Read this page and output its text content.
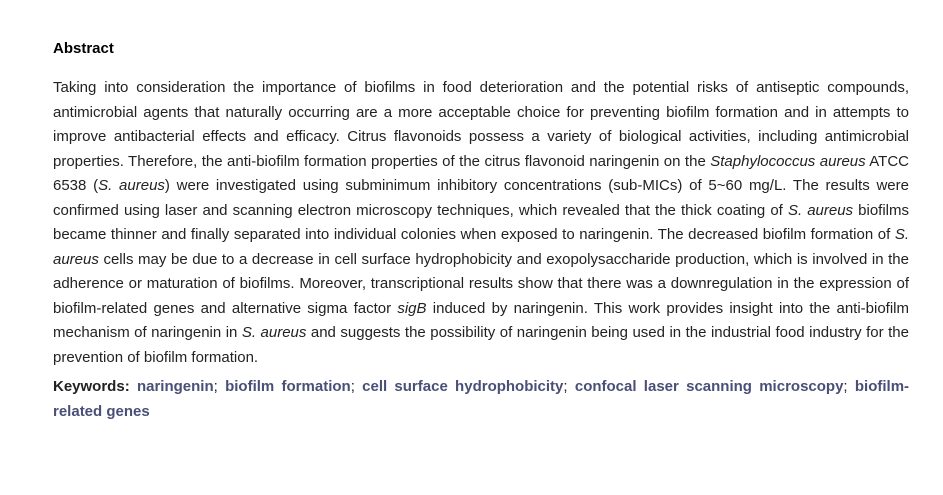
Abstract

Taking into consideration the importance of biofilms in food deterioration and the potential risks of antiseptic compounds, antimicrobial agents that naturally occurring are a more acceptable choice for preventing biofilm formation and in attempts to improve antibacterial effects and efficacy. Citrus flavonoids possess a variety of biological activities, including antimicrobial properties. Therefore, the anti-biofilm formation properties of the citrus flavonoid naringenin on the Staphylococcus aureus ATCC 6538 (S. aureus) were investigated using subminimum inhibitory concentrations (sub-MICs) of 5~60 mg/L. The results were confirmed using laser and scanning electron microscopy techniques, which revealed that the thick coating of S. aureus biofilms became thinner and finally separated into individual colonies when exposed to naringenin. The decreased biofilm formation of S. aureus cells may be due to a decrease in cell surface hydrophobicity and exopolysaccharide production, which is involved in the adherence or maturation of biofilms. Moreover, transcriptional results show that there was a downregulation in the expression of biofilm-related genes and alternative sigma factor sigB induced by naringenin. This work provides insight into the anti-biofilm mechanism of naringenin in S. aureus and suggests the possibility of naringenin being used in the industrial food industry for the prevention of biofilm formation.

Keywords: naringenin; biofilm formation; cell surface hydrophobicity; confocal laser scanning microscopy; biofilm-related genes
